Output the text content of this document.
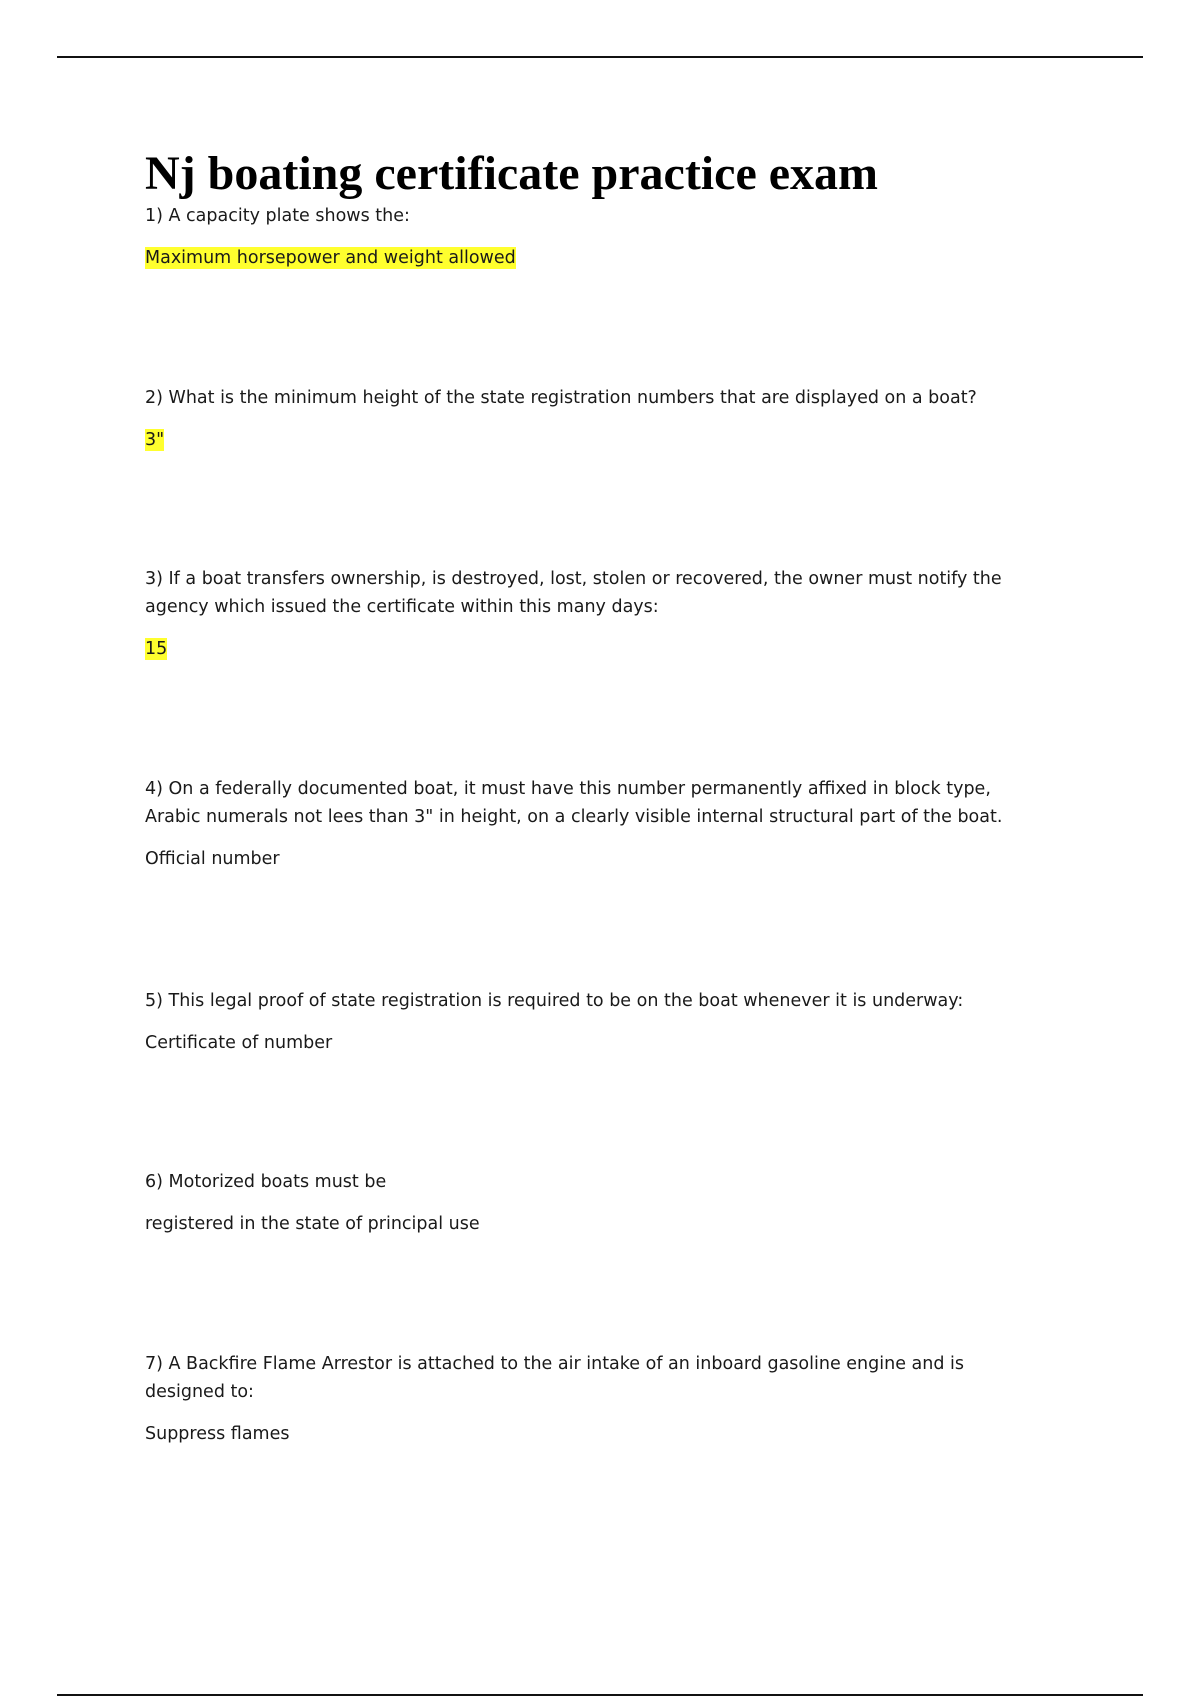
Nj boating certificate practice exam

1) A capacity plate shows the:

Maximum horsepower and weight allowed

2) What is the minimum height of the state registration numbers that are displayed on a boat?

3"

3) If a boat transfers ownership, is destroyed, lost, stolen or recovered, the owner must notify the agency which issued the certificate within this many days:

15

4) On a federally documented boat, it must have this number permanently affixed in block type, Arabic numerals not lees than 3" in height, on a clearly visible internal structural part of the boat.

Official number

5) This legal proof of state registration is required to be on the boat whenever it is underway:

Certificate of number

6) Motorized boats must be

registered in the state of principal use

7) A Backfire Flame Arrestor is attached to the air intake of an inboard gasoline engine and is designed to:

Suppress flames
